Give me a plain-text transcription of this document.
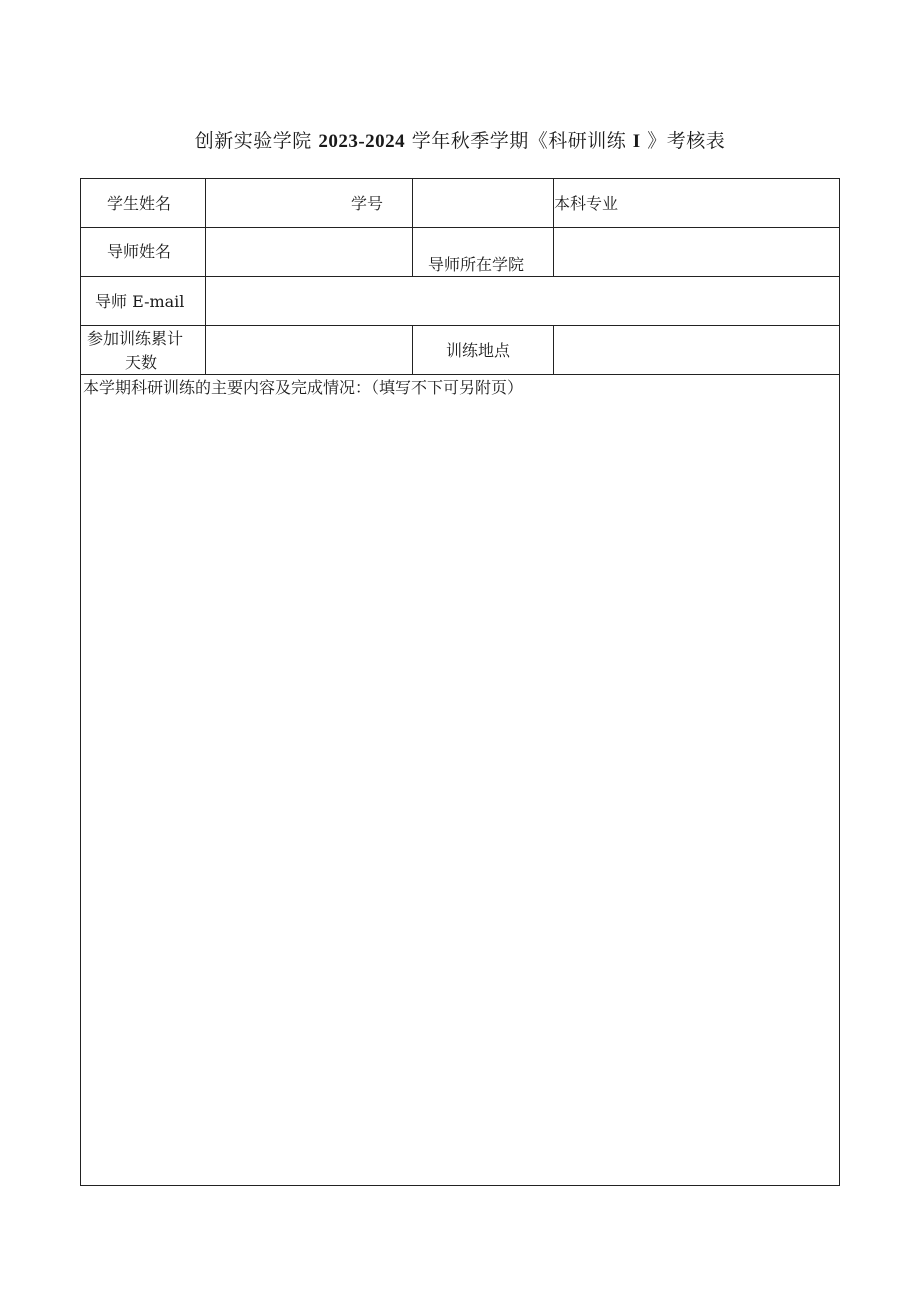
创新实验学院 2023-2024 学年秋季学期《科研训练 I 》考核表
学生姓名	学号	本科专业
导师姓名
导师所在学院
导师 E-mail
参加训练累计
天数
训练地点
本学期科研训练的主要内容及完成情况：（填写不下可另附页）
